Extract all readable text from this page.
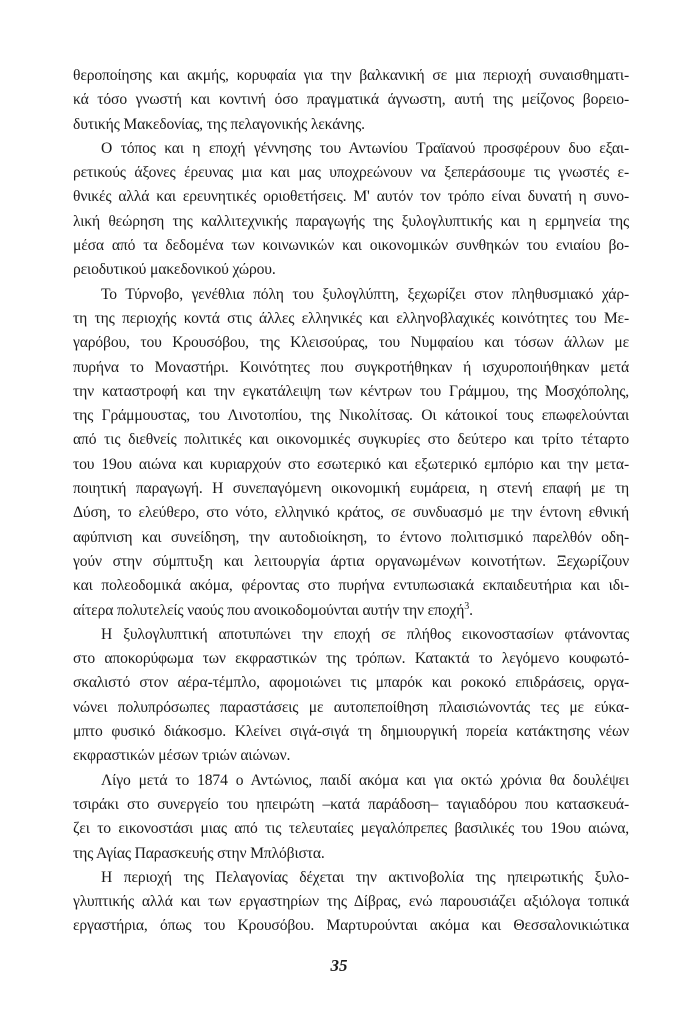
θεροποίησης και ακμής, κορυφαία για την βαλκανική σε μια περιοχή συναισθηματι-
κά τόσο γνωστή και κοντινή όσο πραγματικά άγνωστη, αυτή της μείζονος βορειο-
δυτικής Μακεδονίας, της πελαγονικής λεκάνης.
Ο τόπος και η εποχή γέννησης του Αντωνίου Τραϊανού προσφέρουν δυο εξαι-
ρετικούς άξονες έρευνας μια και μας υποχρεώνουν να ξεπεράσουμε τις γνωστές ε-
θνικές αλλά και ερευνητικές οριοθετήσεις. Μ' αυτόν τον τρόπο είναι δυνατή η συνο-
λική θεώρηση της καλλιτεχνικής παραγωγής της ξυλογλυπτικής και η ερμηνεία της
μέσα από τα δεδομένα των κοινωνικών και οικονομικών συνθηκών του ενιαίου βο-
ρειοδυτικού μακεδονικού χώρου.
Το Τύρνοβο, γενέθλια πόλη του ξυλογλύπτη, ξεχωρίζει στον πληθυσμιακό χάρ-
τη της περιοχής κοντά στις άλλες ελληνικές και ελληνοβλαχικές κοινότητες του Με-
γαρόβου, του Κρουσόβου, της Κλεισούρας, του Νυμφαίου και τόσων άλλων με
πυρήνα το Μοναστήρι. Κοινότητες που συγκροτήθηκαν ή ισχυροποιήθηκαν μετά
την καταστροφή και την εγκατάλειψη των κέντρων του Γράμμου, της Μοσχόπολης,
της Γράμμουστας, του Λινοτοπίου, της Νικολίτσας. Οι κάτοικοί τους επωφελούνται
από τις διεθνείς πολιτικές και οικονομικές συγκυρίες στο δεύτερο και τρίτο τέταρτο
του 19ου αιώνα και κυριαρχούν στο εσωτερικό και εξωτερικό εμπόριο και την μετα-
ποιητική παραγωγή. Η συνεπαγόμενη οικονομική ευμάρεια, η στενή επαφή με τη
Δύση, το ελεύθερο, στο νότο, ελληνικό κράτος, σε συνδυασμό με την έντονη εθνική
αφύπνιση και συνείδηση, την αυτοδιοίκηση, το έντονο πολιτισμικό παρελθόν οδη-
γούν στην σύμπτυξη και λειτουργία άρτια οργανωμένων κοινοτήτων. Ξεχωρίζουν
και πολεοδομικά ακόμα, φέροντας στο πυρήνα εντυπωσιακά εκπαιδευτήρια και ιδι-
αίτερα πολυτελείς ναούς που ανοικοδομούνται αυτήν την εποχή$^3$.
Η ξυλογλυπτική αποτυπώνει την εποχή σε πλήθος εικονοστασίων φτάνοντας
στο αποκορύφωμα των εκφραστικών της τρόπων. Κατακτά το λεγόμενο κουφωτό-
σκαλιστό στον αέρα-τέμπλο, αφομοιώνει τις μπαρόκ και ροκοκό επιδράσεις, οργα-
νώνει πολυπρόσωπες παραστάσεις με αυτοπεποίθηση πλαισιώνοντάς τες με εύκα-
μπτο φυσικό διάκοσμο. Κλείνει σιγά-σιγά τη δημιουργική πορεία κατάκτησης νέων
εκφραστικών μέσων τριών αιώνων.
Λίγο μετά το 1874 ο Αντώνιος, παιδί ακόμα και για οκτώ χρόνια θα δουλέψει
τσιράκι στο συνεργείο του ηπειρώτη –κατά παράδοση– ταγιαδόρου που κατασκευά-
ζει το εικονοστάσι μιας από τις τελευταίες μεγαλόπρεπες βασιλικές του 19ου αιώνα,
της Αγίας Παρασκευής στην Μπλόβιστα.
Η περιοχή της Πελαγονίας δέχεται την ακτινοβολία της ηπειρωτικής ξυλο-
γλυπτικής αλλά και των εργαστηρίων της Δίβρας, ενώ παρουσιάζει αξιόλογα τοπικά
εργαστήρια, όπως του Κρουσόβου. Μαρτυρούνται ακόμα και Θεσσαλονικιώτικα
35
